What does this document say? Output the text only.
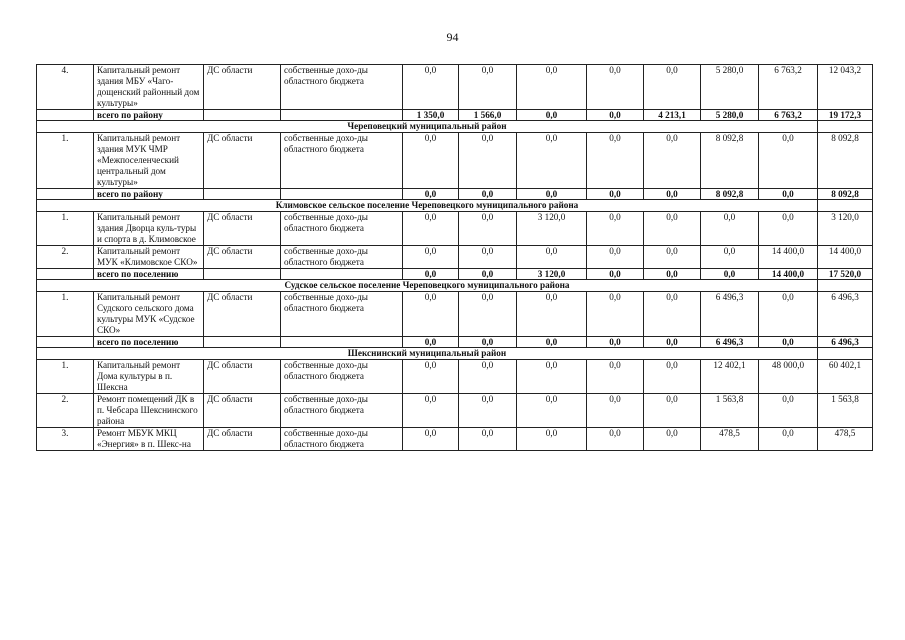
94
4.	Капитальный ремонт здания МБУ «Чаго-дощенский районный дом культуры»	ДС области	собственные дохо-ды областного бюджета	0,0	0,0	0,0	0,0	0,0	5 280,0	6 763,2	12 043,2
	всего по району			1 350,0	1 566,0	0,0	0,0	4 213,1	5 280,0	6 763,2	19 172,3
Череповецкий муниципальный район											
1.	Капитальный ремонт здания МУК ЧМР «Межпоселенческий центральный дом культуры»	ДС области	собственные дохо-ды областного бюджета	0,0	0,0	0,0	0,0	0,0	8 092,8	0,0	8 092,8
	всего по району			0,0	0,0	0,0	0,0	0,0	8 092,8	0,0	8 092,8
Климовское сельское поселение Череповецкого муниципального района											
1.	Капитальный ремонт здания Дворца куль-туры и спорта в д. Климовское	ДС области	собственные дохо-ды областного бюджета	0,0	0,0	3 120,0	0,0	0,0	0,0	0,0	3 120,0
2.	Капитальный ремонт МУК «Климовское СКО»	ДС области	собственные дохо-ды областного бюджета	0,0	0,0	0,0	0,0	0,0	0,0	14 400,0	14 400,0
	всего по поселению			0,0	0,0	3 120,0	0,0	0,0	0,0	14 400,0	17 520,0
Судское сельское поселение Череповецкого муниципального района											
1.	Капитальный ремонт Судского сельского дома культуры МУК «Судское СКО»	ДС области	собственные дохо-ды областного бюджета	0,0	0,0	0,0	0,0	0,0	6 496,3	0,0	6 496,3
	всего по поселению			0,0	0,0	0,0	0,0	0,0	6 496,3	0,0	6 496,3
Шекснинский муниципальный район											
1.	Капитальный ремонт Дома культуры в п. Шексна	ДС области	собственные дохо-ды областного бюджета	0,0	0,0	0,0	0,0	0,0	12 402,1	48 000,0	60 402,1
2.	Ремонт помещений ДК в п. Чебсара Шекснинского района	ДС области	собственные дохо-ды областного бюджета	0,0	0,0	0,0	0,0	0,0	1 563,8	0,0	1 563,8
3.	Ремонт МБУК МКЦ «Энергия» в п. Шекс-на	ДС области	собственные дохо-ды областного бюджета	0,0	0,0	0,0	0,0	0,0	478,5	0,0	478,5
